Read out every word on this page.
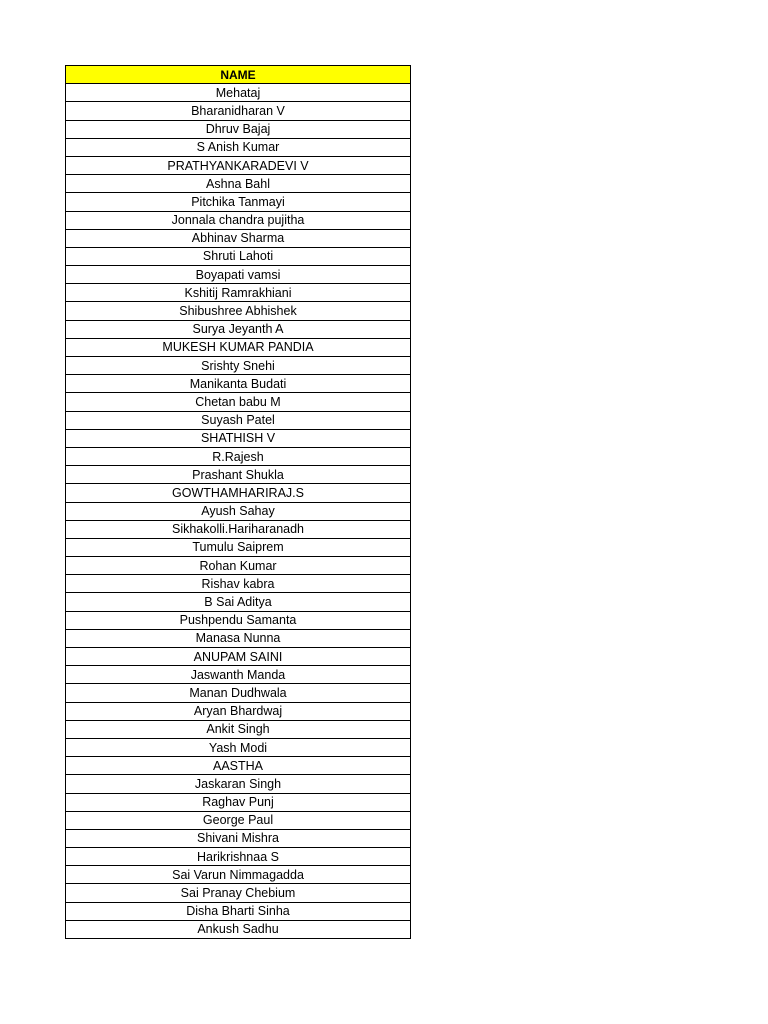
NAME
Mehataj
Bharanidharan V
Dhruv Bajaj
S Anish Kumar
PRATHYANKARADEVI V
Ashna Bahl
Pitchika Tanmayi
Jonnala chandra pujitha
Abhinav Sharma
Shruti Lahoti
Boyapati vamsi
Kshitij Ramrakhiani
Shibushree Abhishek
Surya Jeyanth A
MUKESH KUMAR PANDIA
Srishty Snehi
Manikanta Budati
Chetan babu M
Suyash Patel
SHATHISH V
R.Rajesh
Prashant Shukla
GOWTHAMHARIRAJ.S
Ayush Sahay
Sikhakolli.Hariharanadh
Tumulu Saiprem
Rohan Kumar
Rishav kabra
B Sai Aditya
Pushpendu Samanta
Manasa Nunna
ANUPAM SAINI
Jaswanth Manda
Manan Dudhwala
Aryan Bhardwaj
Ankit Singh
Yash Modi
AASTHA
Jaskaran Singh
Raghav Punj
George Paul
Shivani Mishra
Harikrishnaa S
Sai Varun Nimmagadda
Sai Pranay Chebium
Disha Bharti Sinha
Ankush Sadhu
